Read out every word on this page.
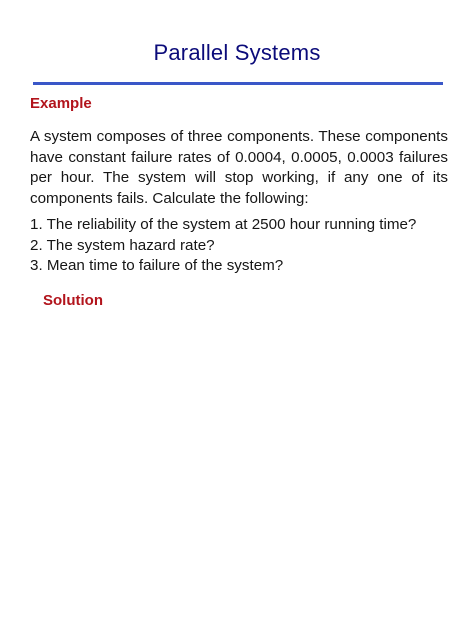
Parallel Systems
Example
A system composes of three components. These components have constant failure rates of 0.0004, 0.0005, 0.0003 failures per hour. The system will stop working, if any one of its components fails. Calculate the following:
1. The reliability of the system at 2500 hour running time?
2. The system hazard rate?
3. Mean time to failure of the system?
Solution
